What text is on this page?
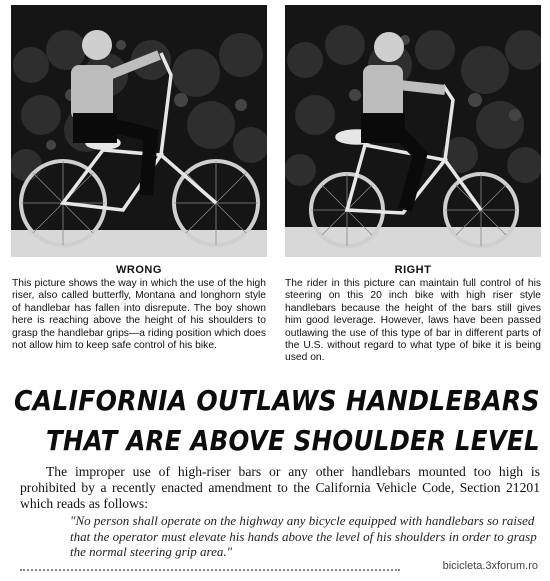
WRONG
This picture shows the way in which the use of the high riser, also called butterfly, Montana and longhorn style of handlebar has fallen into disrepute. The boy shown here is reaching above the height of his shoulders to grasp the handlebar grips—a riding position which does not allow him to keep safe control of his bike.
RIGHT
The rider in this picture can maintain full control of his steering on this 20 inch bike with high riser style handlebars because the height of the bars still gives him good leverage. However, laws have been passed outlawing the use of this type of bar in different parts of the U.S. without regard to what type of bike it is being used on.
CALIFORNIA OUTLAWS HANDLEBARS
THAT ARE ABOVE SHOULDER LEVEL
The improper use of high-riser bars or any other handlebars mounted too high is prohibited by a recently enacted amendment to the California Vehicle Code, Section 21201 which reads as follows:
"No person shall operate on the highway any bicycle equipped with handlebars so raised that the operator must elevate his hands above the level of his shoulders in order to grasp the normal steering grip area."
bicicleta.3xforum.ro
